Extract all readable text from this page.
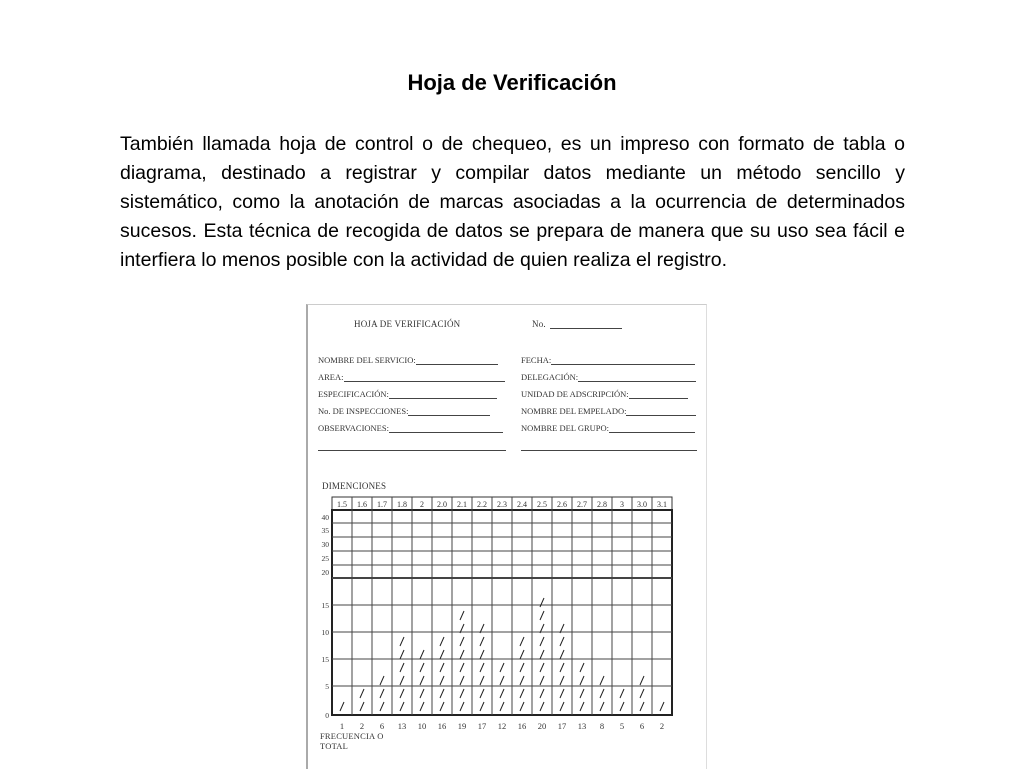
Hoja de Verificación
También llamada hoja de control o de chequeo, es un impreso con formato de tabla o diagrama, destinado a registrar y compilar datos mediante un método sencillo y sistemático, como la anotación de marcas asociadas a la ocurrencia de determinados sucesos. Esta técnica de recogida de datos se prepara de manera que su uso sea fácil e interfiera lo menos posible con la actividad de quien realiza el registro.
HOJA DE VERIFICACIÓN	No.
NOMBRE DEL SERVICIO:	FECHA:
AREA:	DELEGACIÓN:
ESPECIFICACIÓN:	UNIDAD DE ADSCRIPCIÓN:
No. DE INSPECCIONES:	NOMBRE DEL EMPELADO:
OBSERVACIONES:	NOMBRE DEL GRUPO:
DIMENCIONES
1.5 1.6 1.7 1.8 2 2.0 2.1 2.2 2.3 2.4 2.5 2.6 2.7 2.8 3 3.0 3.1
40
35
30
25
20
15
10
15
5
0
1 2 6 13 10 16 19 17 12 16 20 17 13 8 5 6 2
FRECUENCIA O TOTAL
